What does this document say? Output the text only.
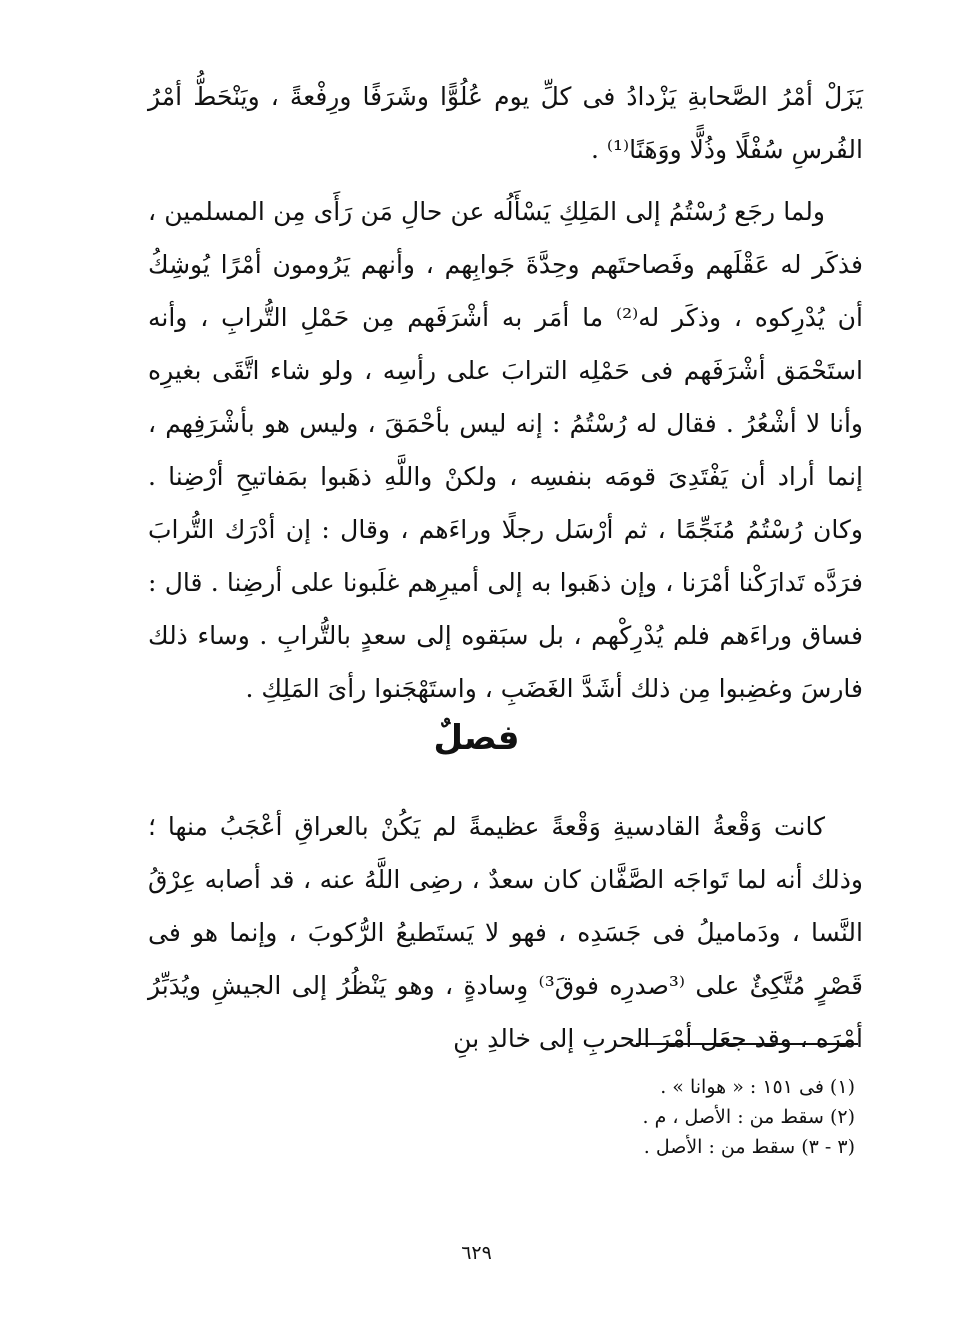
يَزَلْ أمْرُ الصَّحابةِ يَزْدادُ فى كلِّ يوم عُلُوًّا وشَرَفًا ورِفْعةً ، ويَنْحَطُّ أمْرُ الفُرسِ سُفْلًا وذُلًّا ووَهَنًا⁽¹⁾ .

ولما رجَع رُسْتُمُ إلى المَلِكِ يَسْأَلُه عن حالِ مَن رَأَى مِن المسلمين ، فذكَر له عَقْلَهم وفَصاحتَهم وحِدَّةَ جَوابِهم ، وأنهم يَرُومون أمْرًا يُوشِكُ أن يُدْرِكوه ، وذكَر له⁽²⁾ ما أمَر به أشْرَفَهم مِن حَمْلِ التُّرابِ ، وأنه استَحْمَق أشْرَفَهم فى حَمْلِه الترابَ على رأسِه ، ولو شاء اتَّقَى بغيرِه وأنا لا أشْعُرُ . فقال له رُسْتُمُ : إنه ليس بأحْمَقَ ، وليس هو بأشْرَفِهم ، إنما أراد أن يَفْتَدِىَ قومَه بنفسِه ، ولكنْ واللَّهِ ذهَبوا بمَفاتيحِ أرْضِنا . وكان رُسْتُمُ مُنَجِّمًا ، ثم أرْسَل رجلًا وراءَهم ، وقال : إن أدْرَك التُّرابَ فرَدَّه تَدارَكْنا أمْرَنا ، وإن ذهَبوا به إلى أميرِهم غلَبونا على أرضِنا . قال : فساق وراءَهم فلم يُدْرِكْهم ، بل سبَقوه إلى سعدٍ بالتُّرابِ . وساء ذلك فارسَ وغضِبوا مِن ذلك أشَدَّ الغَضَبِ ، واستَهْجَنوا رأىَ المَلِكِ .

فصلٌ

كانت وَقْعةُ القادسيةِ وَقْعةً عظيمةً لم يَكُنْ بالعراقِ أعْجَبُ منها ؛ وذلك أنه لما تَواجَه الصَّفَّان كان سعدٌ ، رضِى اللَّهُ عنه ، قد أصابه عِرْقُ النَّسا ، ودَماميلُ فى جَسَدِه ، فهو لا يَستَطيعُ الرُّكوبَ ، وإنما هو فى قَصْرٍ مُتَّكِئٌ على ⁽³صدرِه فوقَ³⁾ وِسادةٍ ، وهو يَنْظُرُ إلى الجيشِ ويُدَبِّرُ أمْرَه ، وقد جعَل أمْرَ الحربِ إلى خالدِ بنِ

(١) فى ١٥١ : « هوانا » .

(٢) سقط من : الأصل ، م .

(٣ - ٣) سقط من : الأصل .

٦٢٩
